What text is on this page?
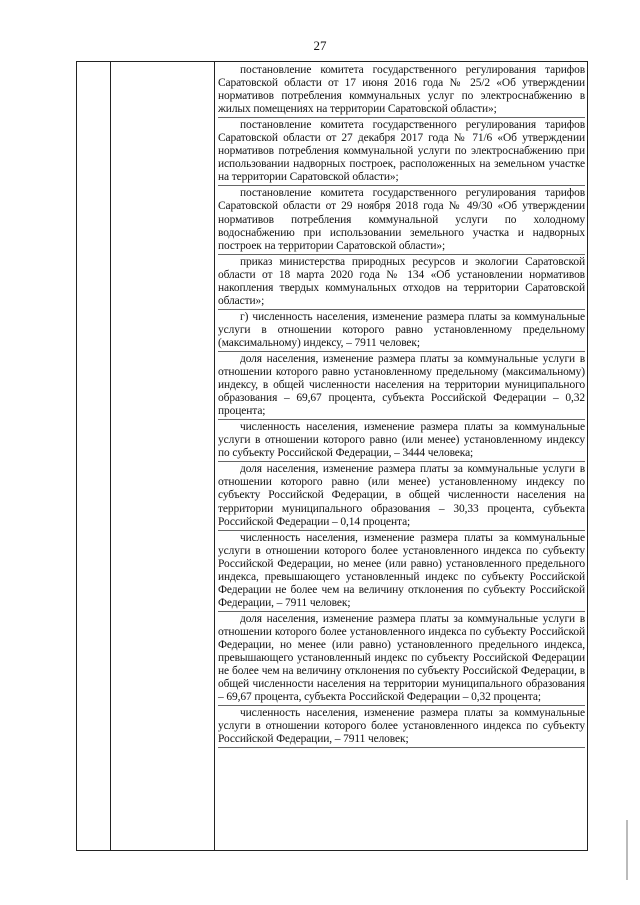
27

постановление комитета государственного регулирования тарифов Саратовской области от 17 июня 2016 года № 25/2 «Об утверждении нормативов потребления коммунальных услуг по электроснабжению в жилых помещениях на территории Саратовской области»;

постановление комитета государственного регулирования тарифов Саратовской области от 27 декабря 2017 года № 71/6 «Об утверждении нормативов потребления коммунальной услуги по электроснабжению при использовании надворных построек, расположенных на земельном участке на территории Саратовской области»;

постановление комитета государственного регулирования тарифов Саратовской области от 29 ноября 2018 года № 49/30 «Об утверждении нормативов потребления коммунальной услуги по холодному водоснабжению при использовании земельного участка и надворных построек на территории Саратовской области»;

приказ министерства природных ресурсов и экологии Саратовской области от 18 марта 2020 года № 134 «Об установлении нормативов накопления твердых коммунальных отходов на территории Саратовской области»;

г) численность населения, изменение размера платы за коммунальные услуги в отношении которого равно установленному предельному (максимальному) индексу, – 7911 человек;

доля населения, изменение размера платы за коммунальные услуги в отношении которого равно установленному предельному (максимальному) индексу, в общей численности населения на территории муниципального образования – 69,67 процента, субъекта Российской Федерации – 0,32 процента;

численность населения, изменение размера платы за коммунальные услуги в отношении которого равно (или менее) установленному индексу по субъекту Российской Федерации, – 3444 человека;

доля населения, изменение размера платы за коммунальные услуги в отношении которого равно (или менее) установленному индексу по субъекту Российской Федерации, в общей численности населения на территории муниципального образования – 30,33 процента, субъекта Российской Федерации – 0,14 процента;

численность населения, изменение размера платы за коммунальные услуги в отношении которого более установленного индекса по субъекту Российской Федерации, но менее (или равно) установленного предельного индекса, превышающего установленный индекс по субъекту Российской Федерации не более чем на величину отклонения по субъекту Российской Федерации, – 7911 человек;

доля населения, изменение размера платы за коммунальные услуги в отношении которого более установленного индекса по субъекту Российской Федерации, но менее (или равно) установленного предельного индекса, превышающего установленный индекс по субъекту Российской Федерации не более чем на величину отклонения по субъекту Российской Федерации, в общей численности населения на территории муниципального образования – 69,67 процента, субъекта Российской Федерации – 0,32 процента;

численность населения, изменение размера платы за коммунальные услуги в отношении которого более установленного индекса по субъекту Российской Федерации, – 7911 человек;
